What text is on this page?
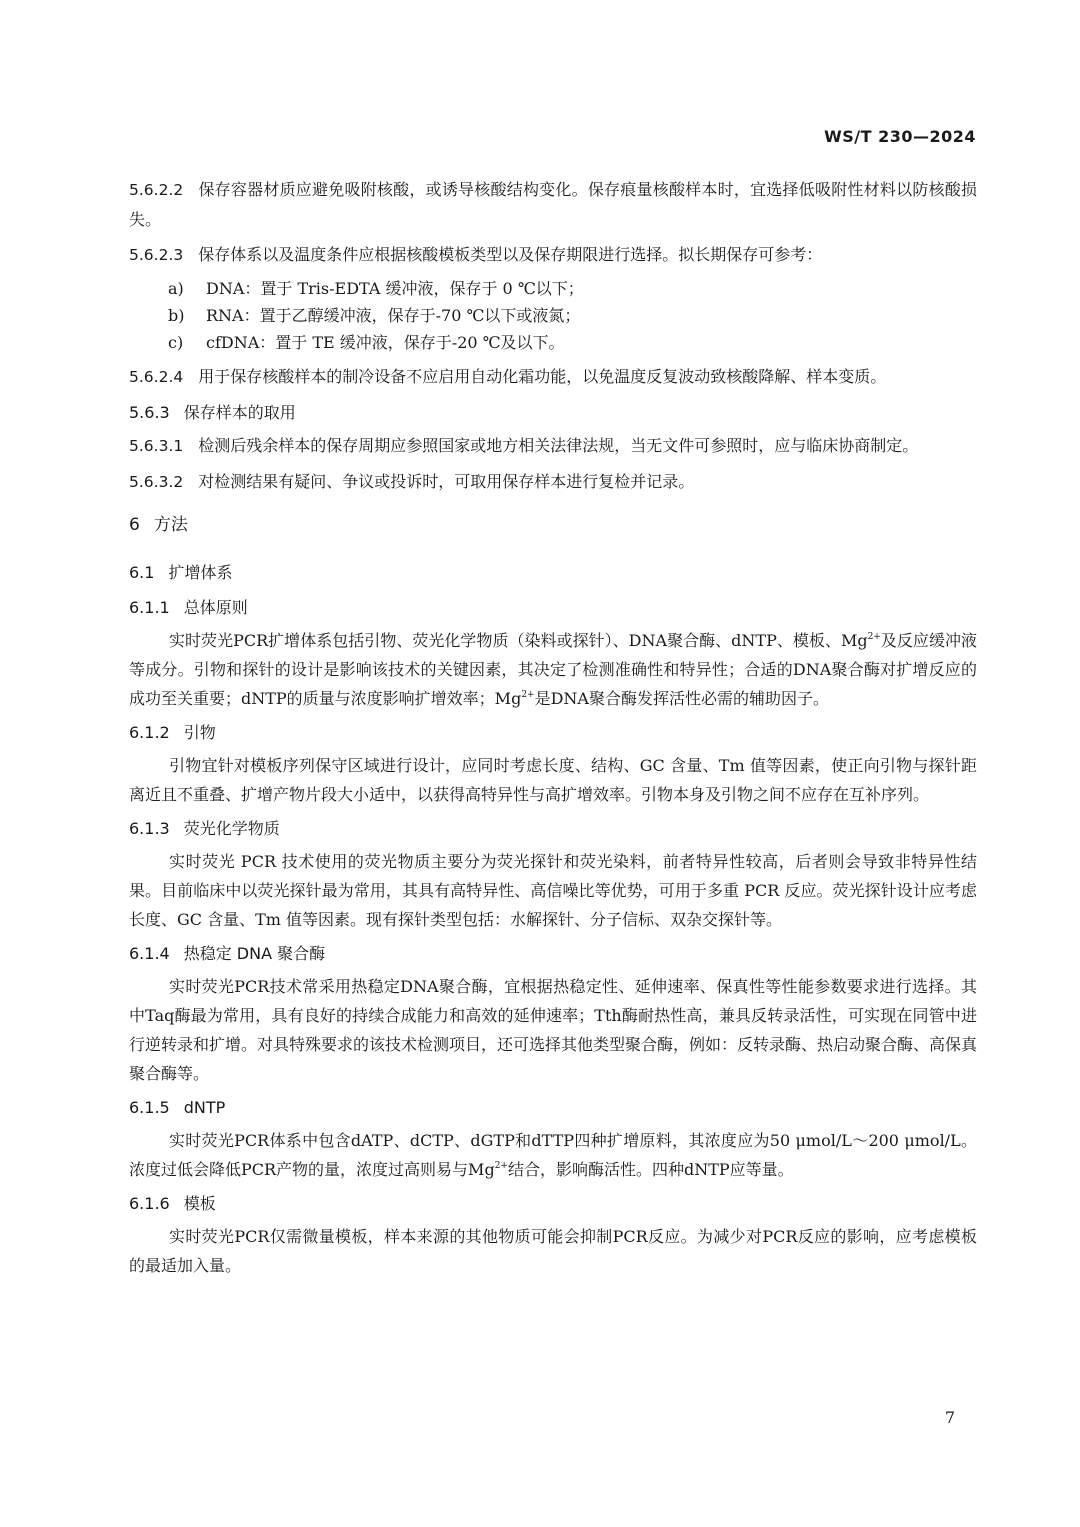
WS/T 230—2024

5.6.2.2 保存容器材质应避免吸附核酸，或诱导核酸结构变化。保存痕量核酸样本时，宜选择低吸附性材料以防核酸损失。

5.6.2.3 保存体系以及温度条件应根据核酸模板类型以及保存期限进行选择。拟长期保存可参考：

a) DNA：置于 Tris-EDTA 缓冲液，保存于 0 ℃以下；
b) RNA：置于乙醇缓冲液，保存于-70 ℃以下或液氮；
c) cfDNA：置于 TE 缓冲液，保存于-20 ℃及以下。

5.6.2.4 用于保存核酸样本的制冷设备不应启用自动化霜功能，以免温度反复波动致核酸降解、样本变质。

5.6.3 保存样本的取用

5.6.3.1 检测后残余样本的保存周期应参照国家或地方相关法律法规，当无文件可参照时，应与临床协商制定。

5.6.3.2 对检测结果有疑问、争议或投诉时，可取用保存样本进行复检并记录。

6 方法
6.1 扩增体系
6.1.1 总体原则

实时荧光PCR扩增体系包括引物、荧光化学物质（染料或探针）、DNA聚合酶、dNTP、模板、$Mg^{2+}$及反应缓冲液等成分。引物和探针的设计是影响该技术的关键因素，其决定了检测准确性和特异性；合适的DNA聚合酶对扩增反应的成功至关重要；dNTP的质量与浓度影响扩增效率；$Mg^{2+}$是DNA聚合酶发挥活性必需的辅助因子。

6.1.2 引物

引物宜针对模板序列保守区域进行设计，应同时考虑长度、结构、GC 含量、Tm 值等因素，使正向引物与探针距离近且不重叠、扩增产物片段大小适中，以获得高特异性与高扩增效率。引物本身及引物之间不应存在互补序列。

6.1.3 荧光化学物质

实时荧光 PCR 技术使用的荧光物质主要分为荧光探针和荧光染料，前者特异性较高，后者则会导致非特异性结果。目前临床中以荧光探针最为常用，其具有高特异性、高信噪比等优势，可用于多重 PCR 反应。荧光探针设计应考虑长度、GC 含量、Tm 值等因素。现有探针类型包括：水解探针、分子信标、双杂交探针等。

6.1.4 热稳定 DNA 聚合酶

实时荧光PCR技术常采用热稳定DNA聚合酶，宜根据热稳定性、延伸速率、保真性等性能参数要求进行选择。其中Taq酶最为常用，具有良好的持续合成能力和高效的延伸速率；Tth酶耐热性高，兼具反转录活性，可实现在同管中进行逆转录和扩增。对具特殊要求的该技术检测项目，还可选择其他类型聚合酶，例如：反转录酶、热启动聚合酶、高保真聚合酶等。

6.1.5 dNTP

实时荧光PCR体系中包含dATP、dCTP、dGTP和dTTP四种扩增原料，其浓度应为50 μmol/L～200 μmol/L。浓度过低会降低PCR产物的量，浓度过高则易与$Mg^{2+}$结合，影响酶活性。四种dNTP应等量。

6.1.6 模板

实时荧光PCR仅需微量模板，样本来源的其他物质可能会抑制PCR反应。为减少对PCR反应的影响，应考虑模板的最适加入量。

7
